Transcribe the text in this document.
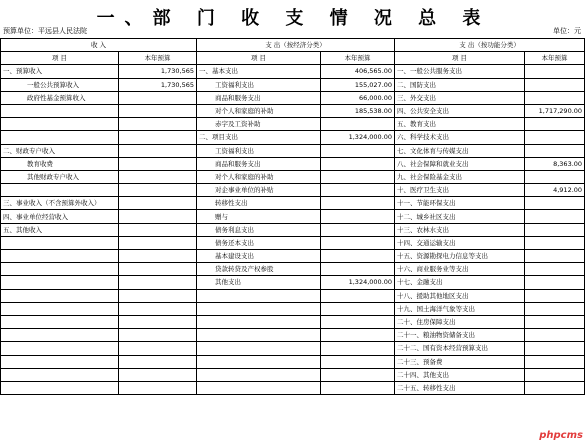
一、部 门 收 支 情 况 总 表
预算单位：平远县人民法院	单位：元
收 入		支 出（按经济分类）		支 出（按功能分类）	
项 目	本年预算	项 目	本年预算	项 目	本年预算
一、预算收入	1,730,565	一、基本支出	406,565.00	一、一般公共服务支出	
一般公共预算收入	1,730,565	工资福利支出	155,027.00	二、国防支出	
政府性基金预算收入		商品和服务支出	66,000.00	三、外交支出	
		对个人和家庭的补助	185,538.00	四、公共安全支出	1,717,290.00
		赤字及工资补助		五、教育支出	
		二、项目支出	1,324,000.00	六、科学技术支出	
二、财政专户收入		工资福利支出		七、文化体育与传媒支出	
教育收费		商品和服务支出		八、社会保障和就业支出	8,363.00
其他财政专户收入		对个人和家庭的补助		九、社会保险基金支出	
		对企事业单位的补贴		十、医疗卫生支出	4,912.00
三、事业收入（不含预算外收入）		转移性支出		十一、节能环保支出	
四、事业单位经营收入		赠与		十二、城乡社区支出	
五、其他收入		债务利息支出		十三、农林水支出	
		债务还本支出		十四、交通运输支出	
		基本建设支出		十五、资源勘探电力信息等支出	
		贷款转贷及产权参股		十六、商业服务业等支出	
		其他支出	1,324,000.00	十七、金融支出	
				十八、援助其他地区支出	
				十九、国土海洋气象等支出	
				二十、住房保障支出	
				二十一、粮油物资储备支出	
				二十二、国有资本经营预算支出	
				二十三、预备费	
				二十四、其他支出	
				二十五、转移性支出	
phpcms
